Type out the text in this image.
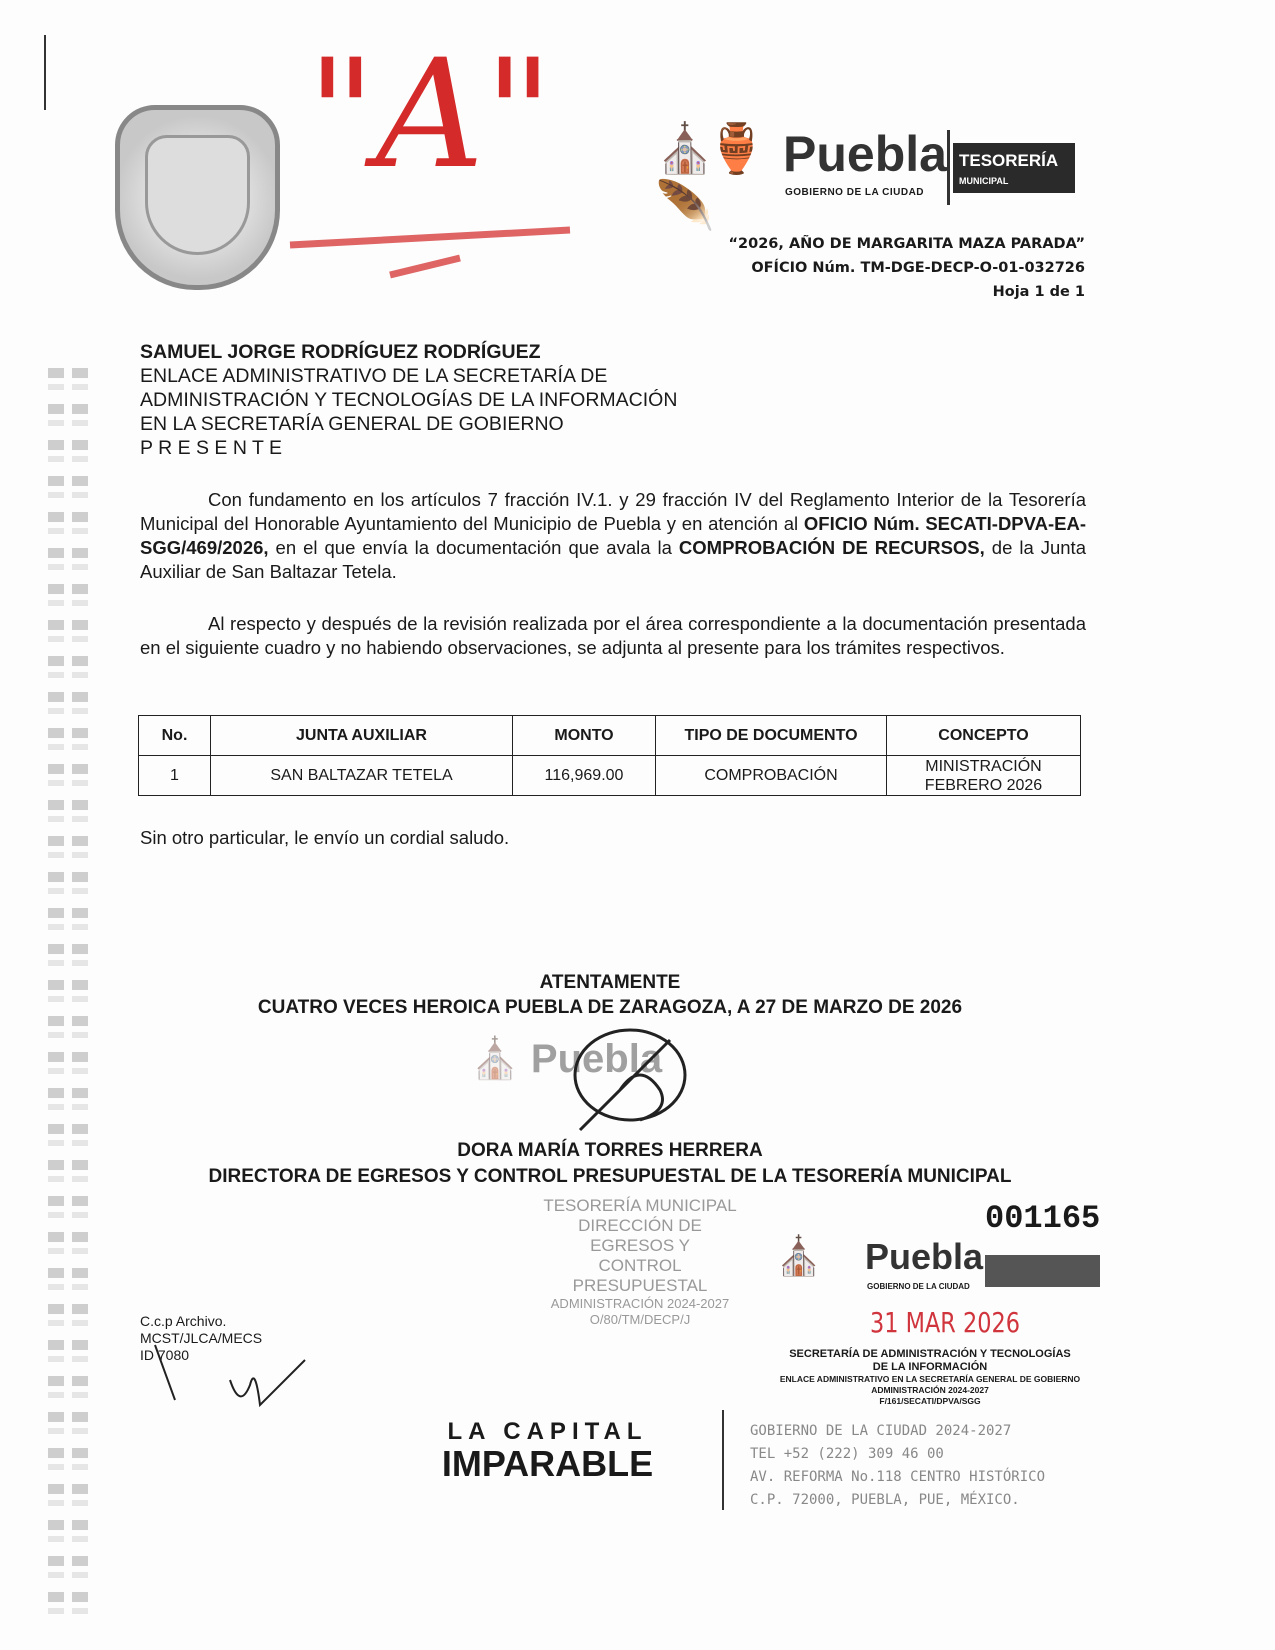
"A" ⛪🏺🪶
Puebla
GOBIERNO DE LA CIUDAD
TESORERÍA
MUNICIPAL
“2026, AÑO DE MARGARITA MAZA PARADA”
OFÍCIO Núm. TM-DGE-DECP-O-01-032726
Hoja 1 de 1
SAMUEL JORGE RODRÍGUEZ RODRÍGUEZ
ENLACE ADMINISTRATIVO DE LA SECRETARÍA DE
ADMINISTRACIÓN Y TECNOLOGÍAS DE LA INFORMACIÓN
EN LA SECRETARÍA GENERAL DE GOBIERNO
P R E S E N T E
Con fundamento en los artículos 7 fracción IV.1. y 29 fracción IV del Reglamento Interior de la Tesorería Municipal del Honorable Ayuntamiento del Municipio de Puebla y en atención al OFICIO Núm. SECATI-DPVA-EA-SGG/469/2026, en el que envía la documentación que avala la COMPROBACIÓN DE RECURSOS, de la Junta Auxiliar de San Baltazar Tetela.
Al respecto y después de la revisión realizada por el área correspondiente a la documentación presentada en el siguiente cuadro y no habiendo observaciones, se adjunta al presente para los trámites respectivos.
No.	JUNTA AUXILIAR	MONTO	TIPO DE DOCUMENTO	CONCEPTO
1	SAN BALTAZAR TETELA	116,969.00	COMPROBACIÓN	MINISTRACIÓN FEBRERO 2026
Sin otro particular, le envío un cordial saludo.
ATENTAMENTE
CUATRO VECES HEROICA PUEBLA DE ZARAGOZA, A 27 DE MARZO DE 2026
⛪ Puebla
DORA MARÍA TORRES HERRERA
DIRECTORA DE EGRESOS Y CONTROL PRESUPUESTAL DE LA TESORERÍA MUNICIPAL
TESORERÍA MUNICIPAL
DIRECCIÓN DE EGRESOS Y
CONTROL PRESUPUESTAL
ADMINISTRACIÓN 2024-2027
O/80/TM/DECP/J
001165
⛪ Puebla
GOBIERNO DE LA CIUDAD
31 MAR 2026
SECRETARÍA DE ADMINISTRACIÓN Y TECNOLOGÍAS
DE LA INFORMACIÓN
ENLACE ADMINISTRATIVO EN LA SECRETARÍA GENERAL DE GOBIERNO
ADMINISTRACIÓN 2024-2027
F/161/SECATI/DPVA/SGG
C.c.p Archivo.
MCST/JLCA/MECS
ID 7080
LA CAPITAL
IMPARABLE
GOBIERNO DE LA CIUDAD 2024-2027
TEL +52 (222) 309 46 00
AV. REFORMA No.118 CENTRO HISTÓRICO
C.P. 72000, PUEBLA, PUE, MÉXICO.
